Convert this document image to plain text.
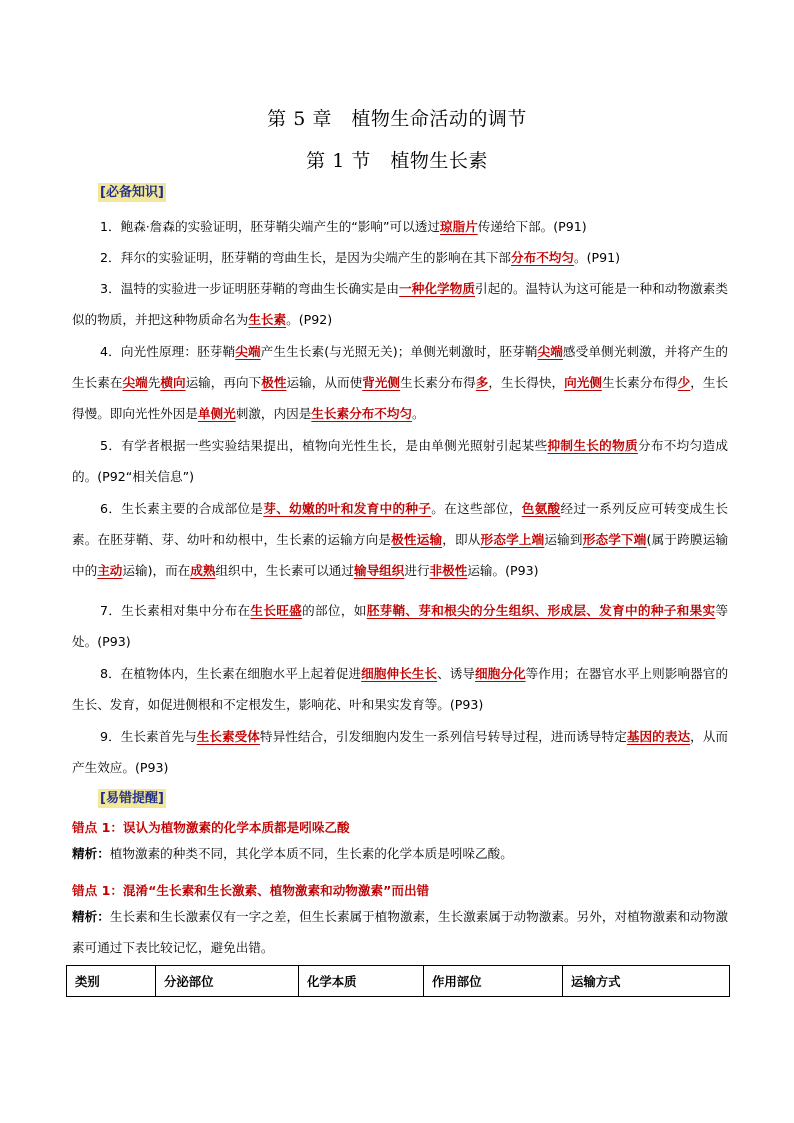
第 5 章　植物生命活动的调节
第 1 节　植物生长素
[必备知识]
1．鲍森·詹森的实验证明，胚芽鞘尖端产生的“影响”可以透过琼脂片传递给下部。(P91)
2．拜尔的实验证明，胚芽鞘的弯曲生长，是因为尖端产生的影响在其下部分布不均匀。(P91)
3．温特的实验进一步证明胚芽鞘的弯曲生长确实是由一种化学物质引起的。温特认为这可能是一种和动物激素类似的物质，并把这种物质命名为生长素。(P92)
4．向光性原理：胚芽鞘尖端产生生长素(与光照无关)；单侧光刺激时，胚芽鞘尖端感受单侧光刺激，并将产生的生长素在尖端先横向运输，再向下极性运输，从而使背光侧生长素分布得多，生长得快，向光侧生长素分布得少，生长得慢。即向光性外因是单侧光刺激，内因是生长素分布不均匀。
5．有学者根据一些实验结果提出，植物向光性生长，是由单侧光照射引起某些抑制生长的物质分布不均匀造成的。(P92“相关信息”)
6．生长素主要的合成部位是芽、幼嫩的叶和发育中的种子。在这些部位，色氨酸经过一系列反应可转变成生长素。在胚芽鞘、芽、幼叶和幼根中，生长素的运输方向是极性运输，即从形态学上端运输到形态学下端(属于跨膜运输中的主动运输)，而在成熟组织中，生长素可以通过输导组织进行非极性运输。(P93)
7．生长素相对集中分布在生长旺盛的部位，如胚芽鞘、芽和根尖的分生组织、形成层、发育中的种子和果实等处。(P93)
8．在植物体内，生长素在细胞水平上起着促进细胞伸长生长、诱导细胞分化等作用；在器官水平上则影响器官的生长、发育，如促进侧根和不定根发生，影响花、叶和果实发育等。(P93)
9．生长素首先与生长素受体特异性结合，引发细胞内发生一系列信号转导过程，进而诱导特定基因的表达，从而产生效应。(P93)
[易错提醒]
错点 1：误认为植物激素的化学本质都是吲哚乙酸
精析：植物激素的种类不同，其化学本质不同，生长素的化学本质是吲哚乙酸。
错点 1：混淆“生长素和生长激素、植物激素和动物激素”而出错
精析：生长素和生长激素仅有一字之差，但生长素属于植物激素，生长激素属于动物激素。另外，对植物激素和动物激素可通过下表比较记忆，避免出错。
类别	分泌部位	化学本质	作用部位	运输方式
